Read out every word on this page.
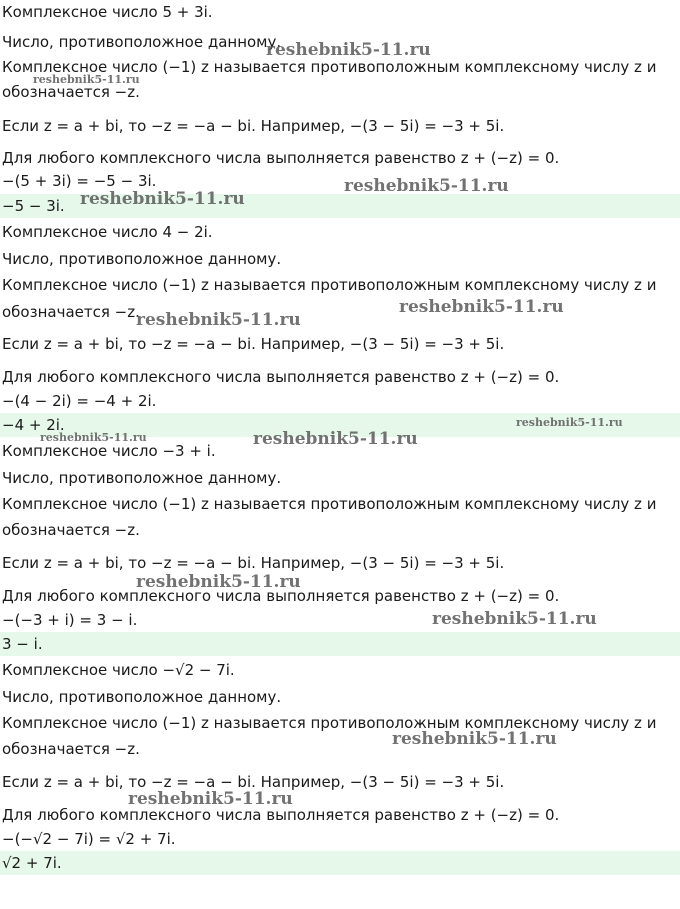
Комплексное число 5 + 3i.
Число, противоположное данному.
Комплексное число (−1) z называется противоположным комплексному числу z и
обозначается −z.
Если z = a + bi, то −z = −a − bi. Например, −(3 − 5i) = −3 + 5i.
Для любого комплексного числа выполняется равенство z + (−z) = 0.
−(5 + 3i) = −5 − 3i.
−5 − 3i.
Комплексное число 4 − 2i.
Число, противоположное данному.
Комплексное число (−1) z называется противоположным комплексному числу z и
обозначается −z.
Если z = a + bi, то −z = −a − bi. Например, −(3 − 5i) = −3 + 5i.
Для любого комплексного числа выполняется равенство z + (−z) = 0.
−(4 − 2i) = −4 + 2i.
−4 + 2i.
Комплексное число −3 + i.
Число, противоположное данному.
Комплексное число (−1) z называется противоположным комплексному числу z и
обозначается −z.
Если z = a + bi, то −z = −a − bi. Например, −(3 − 5i) = −3 + 5i.
Для любого комплексного числа выполняется равенство z + (−z) = 0.
−(−3 + i) = 3 − i.
3 − i.
Комплексное число −√2 − 7i.
Число, противоположное данному.
Комплексное число (−1) z называется противоположным комплексному числу z и
обозначается −z.
Если z = a + bi, то −z = −a − bi. Например, −(3 − 5i) = −3 + 5i.
Для любого комплексного числа выполняется равенство z + (−z) = 0.
−(−√2 − 7i) = √2 + 7i.
√2 + 7i.
reshebnik5-11.ru
reshebnik5-11.ru
reshebnik5-11.ru
reshebnik5-11.ru
reshebnik5-11.ru
reshebnik5-11.ru
reshebnik5-11.ru
reshebnik5-11.ru
reshebnik5-11.ru
reshebnik5-11.ru
reshebnik5-11.ru
reshebnik5-11.ru
reshebnik5-11.ru
